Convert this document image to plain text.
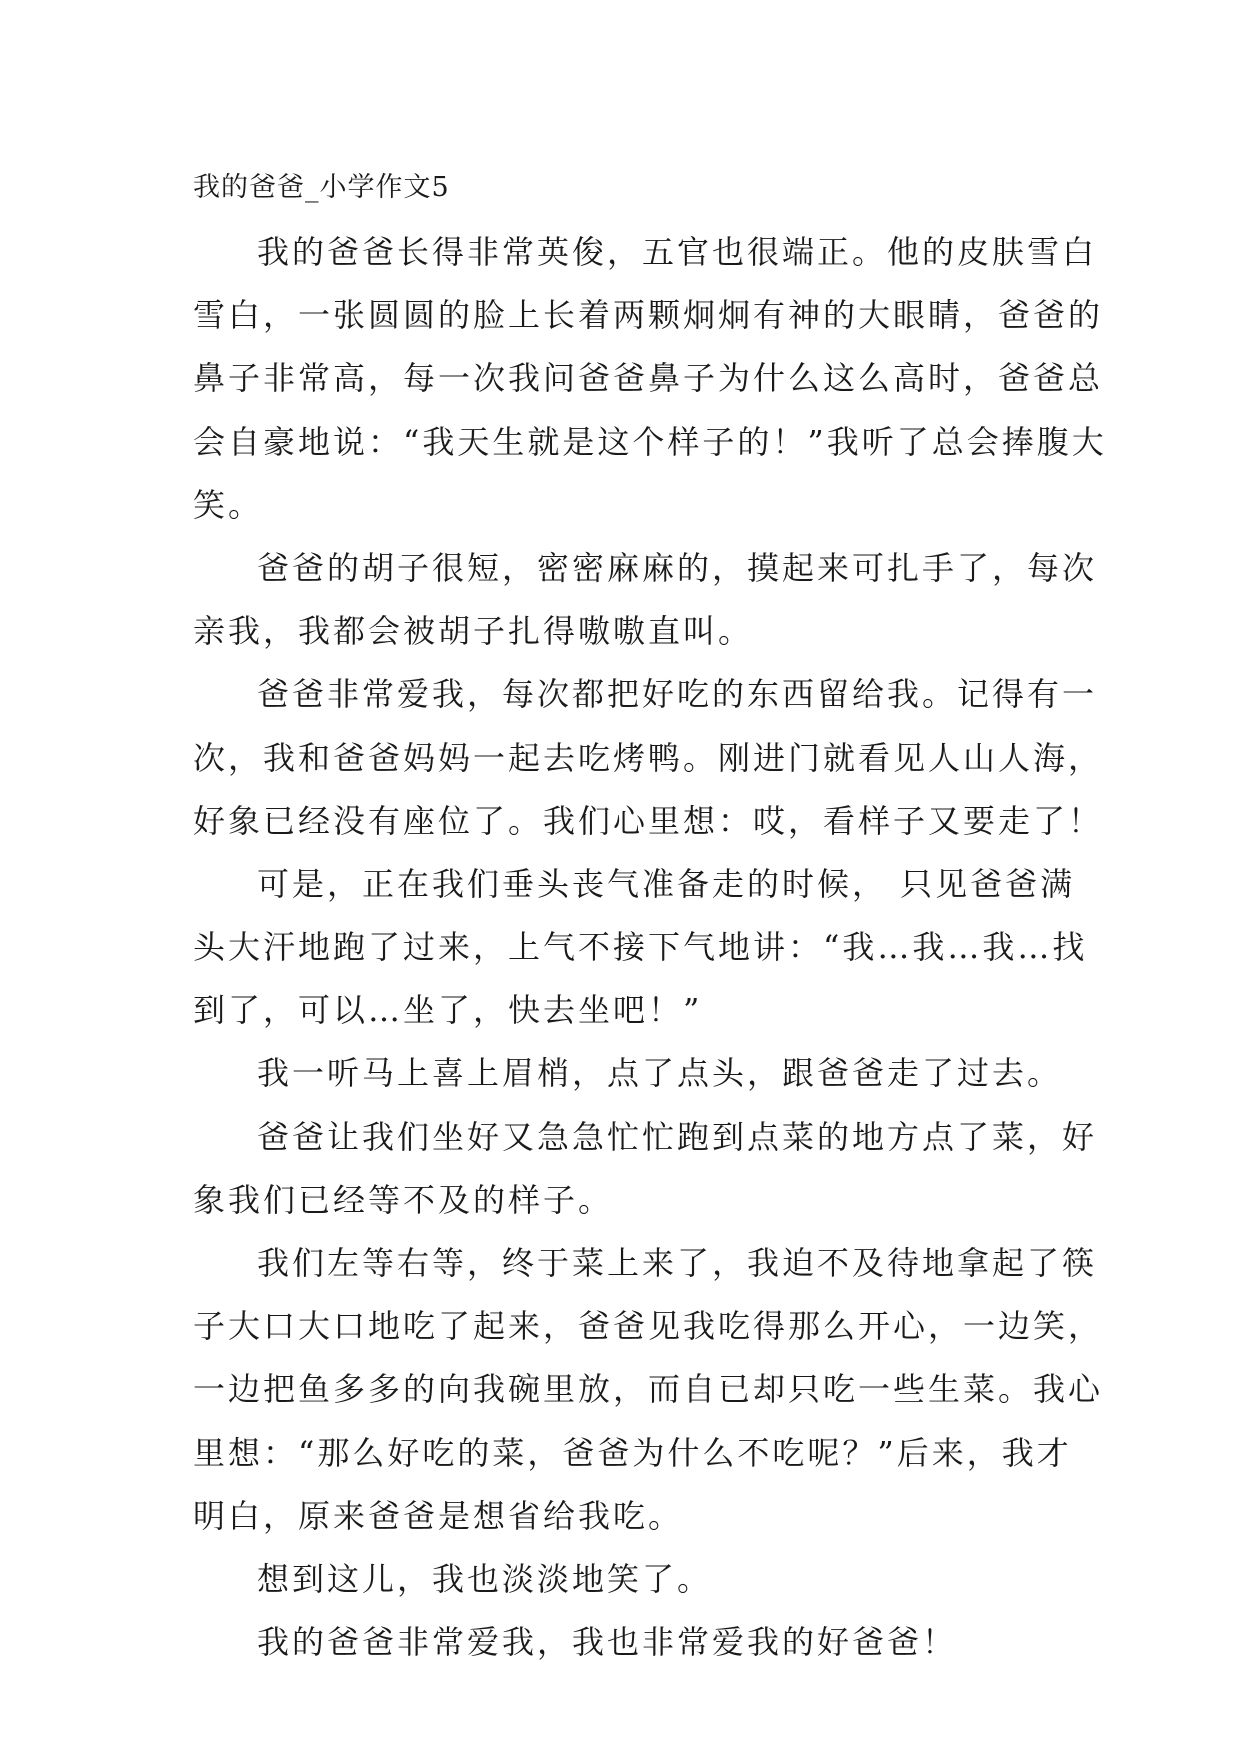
我的爸爸_小学作文5
我的爸爸长得非常英俊，五官也很端正。他的皮肤雪白
雪白，一张圆圆的脸上长着两颗炯炯有神的大眼睛，爸爸的
鼻子非常高，每一次我问爸爸鼻子为什么这么高时，爸爸总
会自豪地说：“我天生就是这个样子的！”我听了总会捧腹大
笑。
爸爸的胡子很短，密密麻麻的，摸起来可扎手了，每次
亲我，我都会被胡子扎得嗷嗷直叫。
爸爸非常爱我，每次都把好吃的东西留给我。记得有一
次，我和爸爸妈妈一起去吃烤鸭。刚进门就看见人山人海，
好象已经没有座位了。我们心里想：哎，看样子又要走了！
可是，正在我们垂头丧气准备走的时候， 只见爸爸满
头大汗地跑了过来，上气不接下气地讲：“我…我…我…找
到了，可以…坐了，快去坐吧！”
我一听马上喜上眉梢，点了点头，跟爸爸走了过去。
爸爸让我们坐好又急急忙忙跑到点菜的地方点了菜，好
象我们已经等不及的样子。
我们左等右等，终于菜上来了，我迫不及待地拿起了筷
子大口大口地吃了起来，爸爸见我吃得那么开心，一边笑，
一边把鱼多多的向我碗里放，而自已却只吃一些生菜。我心
里想：“那么好吃的菜，爸爸为什么不吃呢？”后来，我才
明白，原来爸爸是想省给我吃。
想到这儿，我也淡淡地笑了。
我的爸爸非常爱我，我也非常爱我的好爸爸！
